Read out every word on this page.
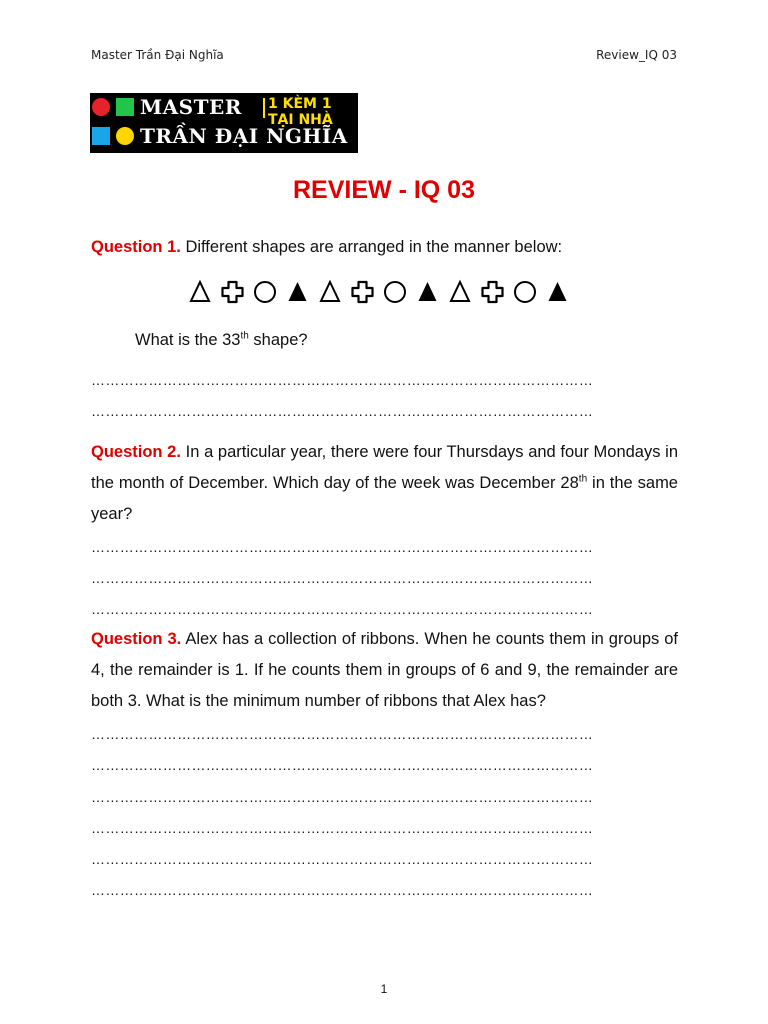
Master Trần Đại Nghĩa	Review_IQ 03
MASTER 1 KÈM 1 TẠI NHÀ
TRẦN ĐẠI NGHĨA
REVIEW - IQ 03
Question 1. Different shapes are arranged in the manner below:
What is the 33th shape?
……………………………………………………………………………………………
……………………………………………………………………………………………
Question 2. In a particular year, there were four Thursdays and four Mondays in the month of December. Which day of the week was December 28th in the same year?
……………………………………………………………………………………………
……………………………………………………………………………………………
……………………………………………………………………………………………
Question 3. Alex has a collection of ribbons. When he counts them in groups of 4, the remainder is 1. If he counts them in groups of 6 and 9, the remainder are both 3. What is the minimum number of ribbons that Alex has?
……………………………………………………………………………………………
……………………………………………………………………………………………
……………………………………………………………………………………………
……………………………………………………………………………………………
……………………………………………………………………………………………
……………………………………………………………………………………………
1
